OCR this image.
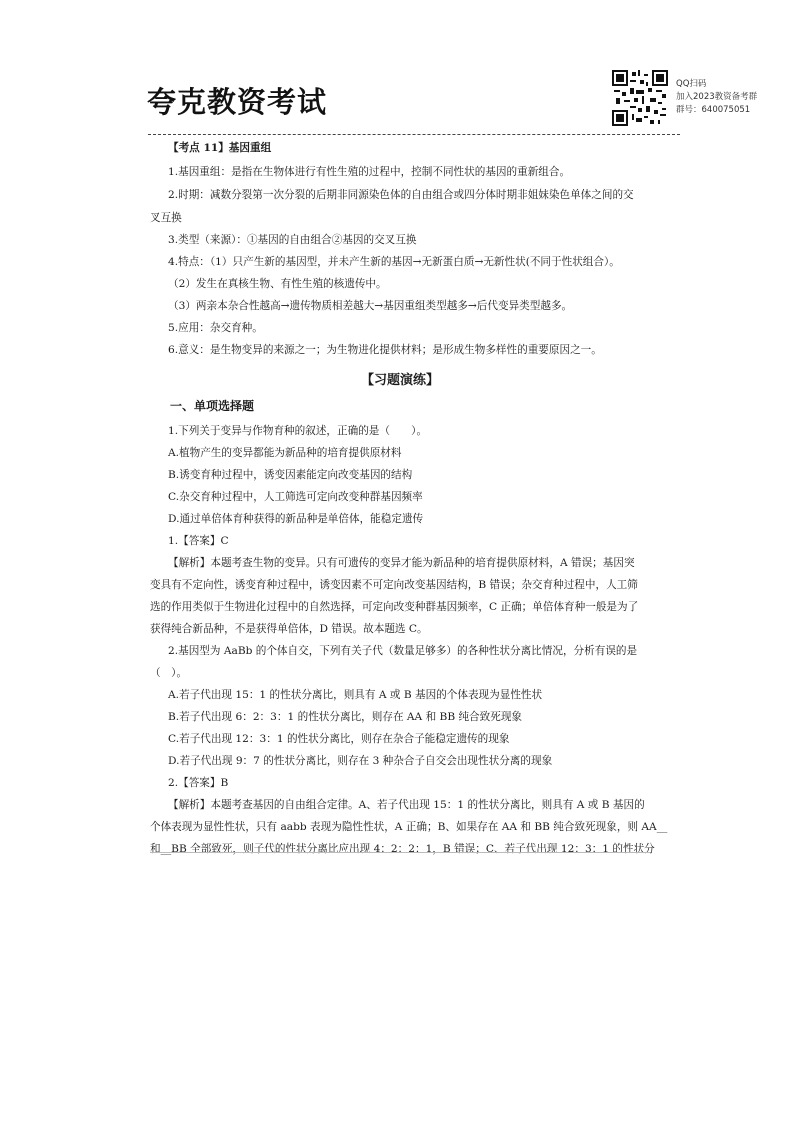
夸克教资考试
QQ扫码
加入2023教资备考群
群号：640075051
【考点 11】基因重组
1.基因重组：是指在生物体进行有性生殖的过程中，控制不同性状的基因的重新组合。
2.时期：减数分裂第一次分裂的后期非同源染色体的自由组合或四分体时期非姐妹染色单体之间的交
叉互换
3.类型（来源）：①基因的自由组合②基因的交叉互换
4.特点：（1）只产生新的基因型，并未产生新的基因→无新蛋白质→无新性状(不同于性状组合）。
（2）发生在真核生物、有性生殖的核遗传中。
（3）两亲本杂合性越高→遗传物质相差越大→基因重组类型越多→后代变异类型越多。
5.应用：杂交育种。
6.意义：是生物变异的来源之一；为生物进化提供材料；是形成生物多样性的重要原因之一。
【习题演练】
一、单项选择题
1.下列关于变异与作物育种的叙述，正确的是（　　）。
A.植物产生的变异都能为新品种的培育提供原材料
B.诱变育种过程中，诱变因素能定向改变基因的结构
C.杂交育种过程中，人工筛选可定向改变种群基因频率
D.通过单倍体育种获得的新品种是单倍体，能稳定遗传
1.【答案】C
【解析】本题考查生物的变异。只有可遗传的变异才能为新品种的培育提供原材料，A 错误；基因突
变具有不定向性，诱变育种过程中，诱变因素不可定向改变基因结构，B 错误；杂交育种过程中，人工筛
选的作用类似于生物进化过程中的自然选择，可定向改变种群基因频率，C 正确；单倍体育种一般是为了
获得纯合新品种，不是获得单倍体，D 错误。故本题选 C。
2.基因型为 AaBb 的个体自交，下列有关子代（数量足够多）的各种性状分离比情况，分析有误的是
（　）。
A.若子代出现 15：1 的性状分离比，则具有 A 或 B 基因的个体表现为显性性状
B.若子代出现 6：2：3：1 的性状分离比，则存在 AA 和 BB 纯合致死现象
C.若子代出现 12：3：1 的性状分离比，则存在杂合子能稳定遗传的现象
D.若子代出现 9：7 的性状分离比，则存在 3 种杂合子自交会出现性状分离的现象
2.【答案】B
【解析】本题考查基因的自由组合定律。A、若子代出现 15：1 的性状分离比，则具有 A 或 B 基因的
个体表现为显性性状，只有 aabb 表现为隐性性状，A 正确；B、如果存在 AA 和 BB 纯合致死现象，则 AA__
和__BB 全部致死，则子代的性状分离比应出现 4：2：2：1，B 错误；C、若子代出现 12：3：1 的性状分
